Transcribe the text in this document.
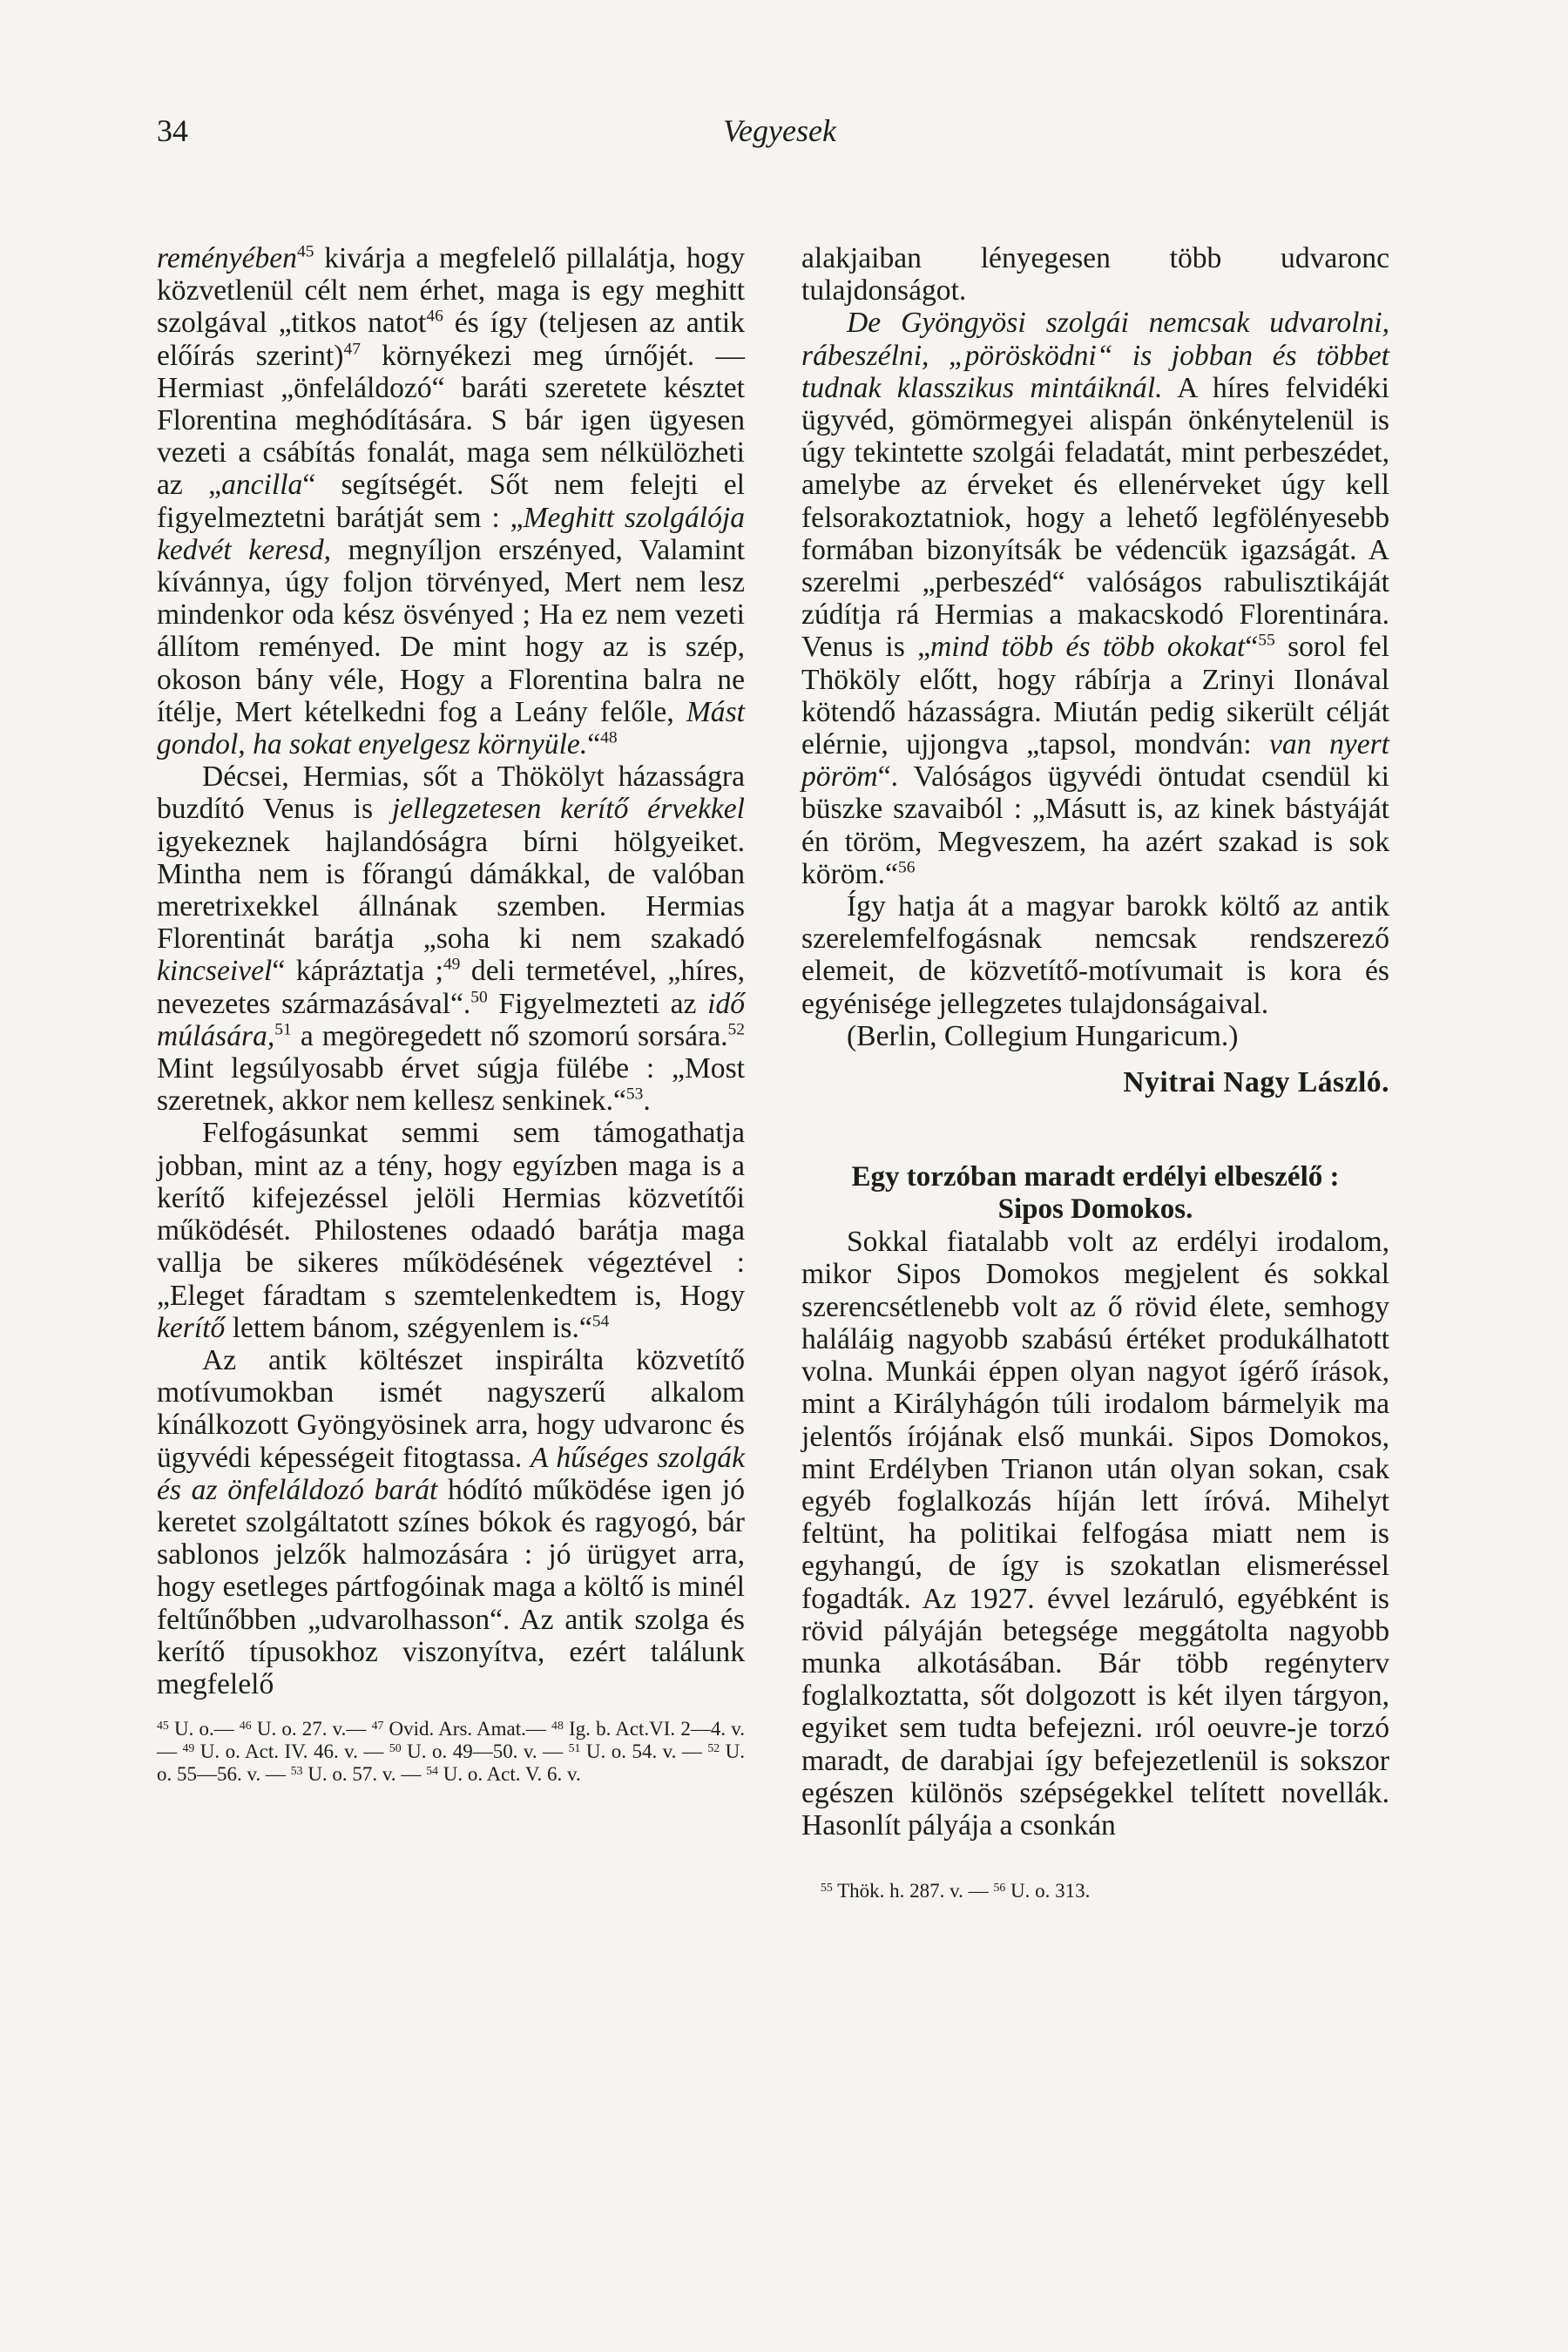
34	Vegyesek

reményében$^{45}$ kivárja a megfelelő pillalátja, hogy közvetlenül célt nem érhet, maga is egy meghitt szolgával „titkos natot$^{46}$ és így (teljesen az antik előírás szerint)$^{47}$ környékezi meg úrnőjét. — Hermiast „önfeláldozó“ baráti szeretete késztet Florentina meghódítására. S bár igen ügyesen vezeti a csábítás fonalát, maga sem nélkülözheti az „ancilla“ segítségét. Sőt nem felejti el figyelmeztetni barátját sem : „Meghitt szolgálója kedvét keresd, megnyíljon erszényed, Valamint kívánnya, úgy foljon törvényed, Mert nem lesz mindenkor oda kész ösvényed ; Ha ez nem vezeti állítom reményed. De mint hogy az is szép, okoson bány véle, Hogy a Florentina balra ne ítélje, Mert kételkedni fog a Leány felőle, Mást gondol, ha sokat enyelgesz környüle.“$^{48}$

Décsei, Hermias, sőt a Thökölyt házasságra buzdító Venus is jellegzetesen kerítő érvekkel igyekeznek hajlandóságra bírni hölgyeiket. Mintha nem is főrangú dámákkal, de valóban meretrixekkel állnának szemben. Hermias Florentinát barátja „soha ki nem szakadó kincseivel“ kápráztatja ;$^{49}$ deli termetével, „híres, nevezetes származásával“.$^{50}$ Figyelmezteti az idő múlására,$^{51}$ a megöregedett nő szomorú sorsára.$^{52}$ Mint legsúlyosabb érvet súgja fülébe : „Most szeretnek, akkor nem kellesz senkinek.“$^{53}$.

Felfogásunkat semmi sem támogathatja jobban, mint az a tény, hogy egyízben maga is a kerítő kifejezéssel jelöli Hermias közvetítői működését. Philostenes odaadó barátja maga vallja be sikeres működésének végeztével : „Eleget fáradtam s szemtelenkedtem is, Hogy kerítő lettem bánom, szégyenlem is.“$^{54}$

Az antik költészet inspirálta közvetítő motívumokban ismét nagyszerű alkalom kínálkozott Gyöngyösinek arra, hogy udvaronc és ügyvédi képességeit fitogtassa. A hűséges szolgák és az önfeláldozó barát hódító működése igen jó keretet szolgáltatott színes bókok és ragyogó, bár sablonos jelzők halmozására : jó ürügyet arra, hogy esetleges pártfogóinak maga a költő is minél feltűnőbben „udvarolhasson“. Az antik szolga és kerítő típusokhoz viszonyítva, ezért találunk megfelelő

$^{45}$ U. o.— $^{46}$ U. o. 27. v.— $^{47}$ Ovid. Ars. Amat.— $^{48}$ Ig. b. Act.VI. 2—4. v.— $^{49}$ U. o. Act. IV. 46. v. — $^{50}$ U. o. 49—50. v. — $^{51}$ U. o. 54. v. — $^{52}$ U. o. 55—56. v. — $^{53}$ U. o. 57. v. — $^{54}$ U. o. Act. V. 6. v.

alakjaiban lényegesen több udvaronc tulajdonságot.

De Gyöngyösi szolgái nemcsak udvarolni, rábeszélni, „pörösködni“ is jobban és többet tudnak klasszikus mintáiknál. A híres felvidéki ügyvéd, gömörmegyei alispán önkénytelenül is úgy tekintette szolgái feladatát, mint perbeszédet, amelybe az érveket és ellenérveket úgy kell felsorakoztatniok, hogy a lehető legfölényesebb formában bizonyítsák be védencük igazságát. A szerelmi „perbeszéd“ valóságos rabulisztikáját zúdítja rá Hermias a makacskodó Florentinára. Venus is „mind több és több okokat“$^{55}$ sorol fel Thököly előtt, hogy rábírja a Zrinyi Ilonával kötendő házasságra. Miután pedig sikerült célját elérnie, ujjongva „tapsol, mondván: van nyert pöröm“. Valóságos ügyvédi öntudat csendül ki büszke szavaiból : „Másutt is, az kinek bástyáját én töröm, Megveszem, ha azért szakad is sok köröm.“$^{56}$

Így hatja át a magyar barokk költő az antik szerelemfelfogásnak nemcsak rendszerező elemeit, de közvetítő-motívumait is kora és egyénisége jellegzetes tulajdonságaival.

(Berlin, Collegium Hungaricum.)

Nyitrai Nagy László.
Egy torzóban maradt erdélyi elbeszélő :
Sipos Domokos.

Sokkal fiatalabb volt az erdélyi irodalom, mikor Sipos Domokos megjelent és sokkal szerencsétlenebb volt az ő rövid élete, semhogy haláláig nagyobb szabású értéket produkálhatott volna. Munkái éppen olyan nagyot ígérő írások, mint a Királyhágón túli irodalom bármelyik ma jelentős írójának első munkái. Sipos Domokos, mint Erdélyben Trianon után olyan sokan, csak egyéb foglalkozás híján lett íróvá. Mihelyt feltünt, ha politikai felfogása miatt nem is egyhangú, de így is szokatlan elismeréssel fogadták. Az 1927. évvel lezáruló, egyébként is rövid pályáján betegsége meggátolta nagyobb munka alkotásában. Bár több regényterv foglalkoztatta, sőt dolgozott is két ilyen tárgyon, egyiket sem tudta befejezni. ıról oeuvre-je torzó maradt, de darabjai így befejezetlenül is sokszor egészen különös szépségekkel telített novellák. Hasonlít pályája a csonkán

$^{55}$ Thök. h. 287. v. — $^{56}$ U. o. 313.
